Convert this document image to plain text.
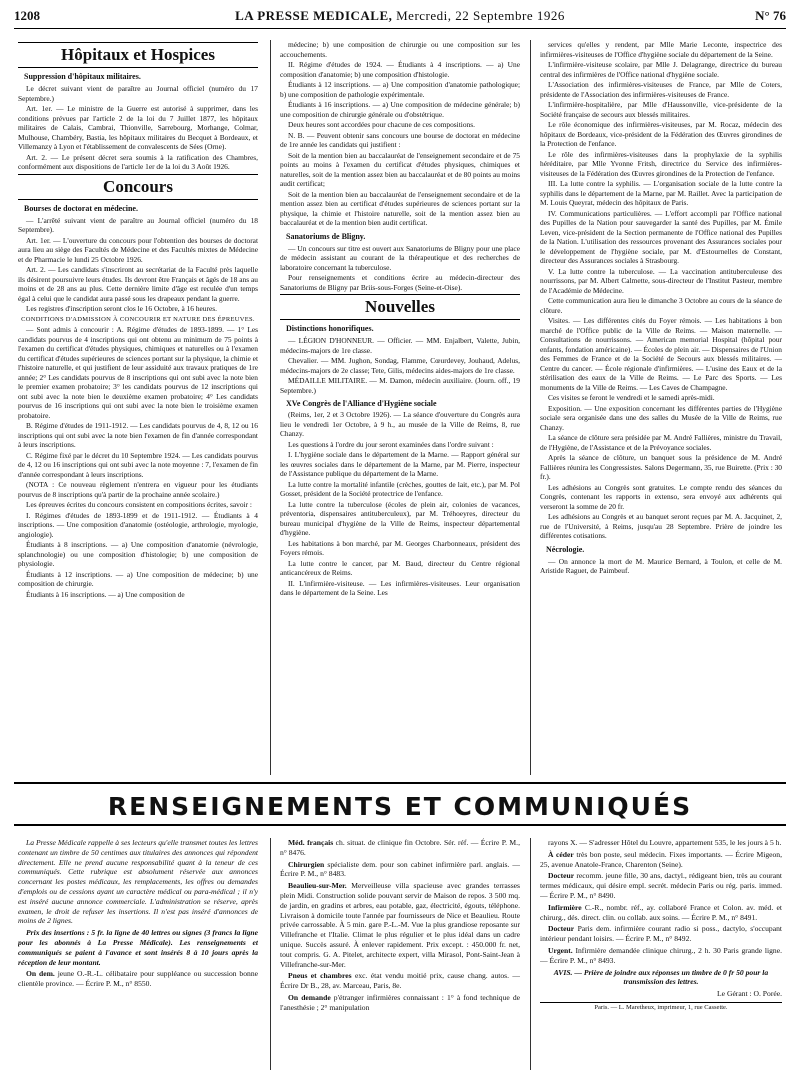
1208	LA PRESSE MEDICALE, Mercredi, 22 Septembre 1926	N° 76
Hôpitaux et Hospices
Suppression d'hôpitaux militaires.

Le décret suivant vient de paraître au Journal officiel (numéro du 17 Septembre.)

Art. 1er. — Le ministre de la Guerre est autorisé à supprimer, dans les conditions prévues par l'article 2 de la loi du 7 Juillet 1877, les hôpitaux militaires de Calais, Cambrai, Thionville, Sarrebourg, Morhange, Colmar, Mulhouse, Chambéry, Bastia, les hôpitaux militaires du Becquet à Bordeaux, et Villemanzy à Lyon et l'établissement de convalescents de Sées (Orne).

Art. 2. — Le présent décret sera soumis à la ratification des Chambres, conformément aux dispositions de l'article 1er de la loi du 3 Août 1926.

Concours
Bourses de doctorat en médecine.

— L'arrêté suivant vient de paraître au Journal officiel (numéro du 18 Septembre).

Art. 1er. — L'ouverture du concours pour l'obtention des bourses de doctorat aura lieu au siège des Facultés de Médecine et des Facultés mixtes de Médecine et de Pharmacie le lundi 25 Octobre 1926.

Art. 2. — Les candidats s'inscriront au secrétariat de la Faculté près laquelle ils désirent poursuivre leurs études. Ils devront être Français et âgés de 18 ans au moins et de 28 ans au plus. Cette dernière limite d'âge est reculée d'un temps égal à celui que le candidat aura passé sous les drapeaux pendant la guerre.

Les registres d'inscription seront clos le 16 Octobre, à 16 heures.

CONDITIONS D'ADMISSION À CONCOURIR ET NATURE DES ÉPREUVES.

— Sont admis à concourir : A. Régime d'études de 1893-1899. — 1° Les candidats pourvus de 4 inscriptions qui ont obtenu au minimum de 75 points à l'examen du certificat d'études physiques, chimiques et naturelles ou à l'examen du certificat d'études supérieures de sciences portant sur la physique, la chimie et l'histoire naturelle, et qui justifient de leur assiduité aux travaux pratiques de 1re année; 2° Les candidats pourvus de 8 inscriptions qui ont subi avec la note bien le premier examen probatoire; 3° les candidats pourvus de 12 inscriptions qui ont subi avec la note bien le deuxième examen probatoire; 4° Les candidats pourvus de 16 inscriptions qui ont subi avec la note bien le troisième examen probatoire.

B. Régime d'études de 1911-1912. — Les candidats pourvus de 4, 8, 12 ou 16 inscriptions qui ont subi avec la note bien l'examen de fin d'année correspondant à leurs inscriptions.

C. Régime fixé par le décret du 10 Septembre 1924. — Les candidats pourvus de 4, 12 ou 16 inscriptions qui ont subi avec la note moyenne : 7, l'examen de fin d'année correspondant à leurs inscriptions.

(NOTA : Ce nouveau règlement n'entrera en vigueur pour les étudiants pourvus de 8 inscriptions qu'à partir de la prochaine année scolaire.)

Les épreuves écrites du concours consistent en compositions écrites, savoir :

I. Régimes d'études de 1893-1899 et de 1911-1912. — Étudiants à 4 inscriptions. — Une composition d'anatomie (ostéologie, arthrologie, myologie, angiologie).

Étudiants à 8 inscriptions. — a) Une composition d'anatomie (névrologie, splanchnologie) ou une composition d'histologie; b) une composition de physiologie.

Étudiants à 12 inscriptions. — a) Une composition de médecine; b) une composition de chirurgie.

Étudiants à 16 inscriptions. — a) Une composition de

médecine; b) une composition de chirurgie ou une composition sur les accouchements.

II. Régime d'études de 1924. — Étudiants à 4 inscriptions. — a) Une composition d'anatomie; b) une composition d'histologie.

Étudiants à 12 inscriptions. — a) Une composition d'anatomie pathologique; b) une composition de pathologie expérimentale.

Étudiants à 16 inscriptions. — a) Une composition de médecine générale; b) une composition de chirurgie générale ou d'obstétrique.

Deux heures sont accordées pour chacune de ces compositions.

N. B. — Peuvent obtenir sans concours une bourse de doctorat en médecine de 1re année les candidats qui justifient :

Soit de la mention bien au baccalauréat de l'enseignement secondaire et de 75 points au moins à l'examen du certificat d'études physiques, chimiques et naturelles, soit de la mention assez bien au baccalauréat et de 80 points au moins audit certificat;

Soit de la mention bien au baccalauréat de l'enseignement secondaire et de la mention assez bien au certificat d'études supérieures de sciences portant sur la physique, la chimie et l'histoire naturelle, soit de la mention assez bien au baccalauréat et de la mention bien audit certificat.

Sanatoriums de Bligny.

— Un concours sur titre est ouvert aux Sanatoriums de Bligny pour une place de médecin assistant au courant de la thérapeutique et des recherches de laboratoire concernant la tuberculose.

Pour renseignements et conditions écrire au médecin-directeur des Sanatoriums de Bligny par Briis-sous-Forges (Seine-et-Oise).

Nouvelles
Distinctions honorifiques.

— LÉGION D'HONNEUR. — Officier. — MM. Enjalbert, Valette, Jubin, médecins-majors de 1re classe.

Chevalier. — MM. Jughon, Sondag, Flamme, Cœurdevey, Jouhaud, Adelus, médecins-majors de 2e classe; Tete, Gilis, médecins aides-majors de 1re classe.

MÉDAILLE MILITAIRE. — M. Damon, médecin auxiliaire. (Journ. off., 19 Septembre.)

XVe Congrès de l'Alliance d'Hygiène sociale

(Reims, 1er, 2 et 3 Octobre 1926). — La séance d'ouverture du Congrès aura lieu le vendredi 1er Octobre, à 9 h., au musée de la Ville de Reims, 8, rue Chanzy.

Les questions à l'ordre du jour seront examinées dans l'ordre suivant :

I. L'hygiène sociale dans le département de la Marne. — Rapport général sur les œuvres sociales dans le département de la Marne, par M. Pierre, inspecteur de l'Assistance publique du département de la Marne.

La lutte contre la mortalité infantile (crèches, gouttes de lait, etc.), par M. Pol Gosset, président de la Société protectrice de l'enfance.

La lutte contre la tuberculose (écoles de plein air, colonies de vacances, préventoria, dispensaires antituberculeux), par M. Tréhoeyres, directeur du bureau municipal d'hygiène de la Ville de Reims, inspecteur départemental d'hygiène.

Les habitations à bon marché, par M. Georges Charbonneaux, président des Foyers rémois.

La lutte contre le cancer, par M. Baud, directeur du Centre régional anticancéreux de Reims.

II. L'infirmière-visiteuse. — Les infirmières-visiteuses. Leur organisation dans le département de la Seine. Les

services qu'elles y rendent, par Mlle Marie Leconte, inspectrice des infirmières-visiteuses de l'Office d'hygiène sociale du département de la Seine.

L'infirmière-visiteuse scolaire, par Mlle J. Delagrange, directrice du bureau central des infirmières de l'Office national d'hygiène sociale.

L'Association des infirmières-visiteuses de France, par Mlle de Coters, présidente de l'Association des infirmières-visiteuses de France.

L'infirmière-hospitalière, par Mlle d'Haussonville, vice-présidente de la Société française de secours aux blessés militaires.

Le rôle économique des infirmières-visiteuses, par M. Rocaz, médecin des hôpitaux de Bordeaux, vice-président de la Fédération des Œuvres girondines de la Protection de l'enfance.

Le rôle des infirmières-visiteuses dans la prophylaxie de la syphilis héréditaire, par Mlle Yvonne Fritsh, directrice du Service des infirmières-visiteuses de la Fédération des Œuvres girondines de la Protection de l'enfance.

III. La lutte contre la syphilis. — L'organisation sociale de la lutte contre la syphilis dans le département de la Marne, par M. Raillet. Avec la participation de M. Louis Queyrat, médecin des hôpitaux de Paris.

IV. Communications particulières. — L'effort accompli par l'Office national des Pupilles de la Nation pour sauvegarder la santé des Pupilles, par M. Émile Leven, vice-président de la Section permanente de l'Office national des Pupilles de la Nation. L'utilisation des ressources provenant des Assurances sociales pour le développement de l'hygiène sociale, par M. d'Estournelles de Constant, directeur des Assurances sociales à Strasbourg.

V. La lutte contre la tuberculose. — La vaccination antituberculeuse des nourrissons, par M. Albert Calmette, sous-directeur de l'Institut Pasteur, membre de l'Académie de Médecine.

Cette communication aura lieu le dimanche 3 Octobre au cours de la séance de clôture.

Visites. — Les différentes cités du Foyer rémois. — Les habitations à bon marché de l'Office public de la Ville de Reims. — Maison maternelle. — Consultations de nourrissons. — American memorial Hospital (hôpital pour enfants, fondation américaine). — Écoles de plein air. — Dispensaires de l'Union des Femmes de France et de la Société de Secours aux blessés militaires. — Centre du cancer. — École régionale d'infirmières. — L'usine des Eaux et de la stérilisation des eaux de la Ville de Reims. — Le Parc des Sports. — Les monuments de la Ville de Reims. — Les Caves de Champagne.

Ces visites se feront le vendredi et le samedi après-midi.

Exposition. — Une exposition concernant les différentes parties de l'Hygiène sociale sera organisée dans une des salles du Musée de la Ville de Reims, rue Chanzy.

La séance de clôture sera présidée par M. André Fallières, ministre du Travail, de l'Hygiène, de l'Assistance et de la Prévoyance sociales.

Après la séance de clôture, un banquet sous la présidence de M. André Fallières réunira les Congressistes. Salons Degermann, 35, rue Buirette. (Prix : 30 fr.).

Les adhésions au Congrès sont gratuites. Le compte rendu des séances du Congrès, contenant les rapports in extenso, sera envoyé aux adhérents qui verseront la somme de 20 fr.

Les adhésions au Congrès et au banquet seront reçues par M. A. Jacquinet, 2, rue de l'Université, à Reims, jusqu'au 28 Septembre. Prière de joindre les différentes cotisations.

Nécrologie.

— On annonce la mort de M. Maurice Bernard, à Toulon, et celle de M. Aristide Raguet, de Paimbeuf.

RENSEIGNEMENTS ET COMMUNIQUÉS

La Presse Médicale rappelle à ses lecteurs qu'elle transmet toutes les lettres contenant un timbre de 50 centimes aux titulaires des annonces qui répondent directement. Elle ne prend aucune responsabilité quant à la teneur de ces communiqués. Cette rubrique est absolument réservée aux annonces concernant les postes médicaux, les remplacements, les offres ou demandes d'emplois ou de cessions ayant un caractère médical ou para-médical ; il n'y est inséré aucune annonce commerciale. L'administration se réserve, après examen, le droit de refuser les insertions. Il n'est pas inséré d'annonces de moins de 2 lignes.

Prix des insertions : 5 fr. la ligne de 40 lettres ou signes (3 francs la ligne pour les abonnés à La Presse Médicale). Les renseignements et communiqués se paient à l'avance et sont insérés 8 à 10 jours après la réception de leur montant.

On dem. jeune O.-R.-L. célibataire pour suppléance ou succession bonne clientèle province. — Écrire P. M., n° 8550.

Méd. français ch. situat. de clinique fin Octobre. Sér. réf. — Écrire P. M., n° 8476.

Chirurgien spécialiste dem. pour son cabinet infirmière parl. anglais. — Écrire P. M., n° 8483.

Beaulieu-sur-Mer. Merveilleuse villa spacieuse avec grandes terrasses plein Midi. Construction solide pouvant servir de Maison de repos. 3 500 mq. de jardin, en gradins et arbres, eau potable, gaz, électricité, égouts, téléphone. Livraison à domicile toute l'année par fournisseurs de Nice et Beaulieu. Route privée carrossable. À 5 min. gare P.-L.-M. Vue la plus grandiose reposante sur Villefranche et l'Italie. Climat le plus régulier et le plus idéal dans un cadre unique. Succès assuré. À enlever rapidement. Prix except. : 450.000 fr. net, tout compris. G. A. Pitelet, architecte expert, villa Mirasol, Pont-Saint-Jean à Villefranche-sur-Mer.

Pneus et chambres exc. état vendu moitié prix, cause chang. autos. — Écrire Dr B., 28, av. Marceau, Paris, 8e.

On demande p'étranger infirmières connaissant : 1° à fond technique de l'anesthésie ; 2° manipulation

rayons X. — S'adresser Hôtel du Louvre, appartement 535, le les jours à 5 h.

À céder très bon poste, seul médecin. Fixes importants. — Écrire Migeon, 25, avenue Anatole-France, Charenton (Seine).

Docteur recomm. jeune fille, 30 ans, dactyl., rédigeant bien, très au courant termes médicaux, qui désire empl. secrét. médecin Paris ou rég. paris. immed. — Écrire P. M., n° 8490.

Infirmière C.-R., nombr. réf., ay. collaboré France et Colon. av. méd. et chirurg., dés. direct. clin. ou collab. aux soins. — Écrire P. M., n° 8491.

Docteur Paris dem. infirmière courant radio si poss., dactylo, s'occupant intérieur pendant loisirs. — Écrire P. M., n° 8492.

Urgent. Infirmière demandée clinique chirurg., 2 h. 30 Paris grande ligne. — Écrire P. M., n° 8493.

AVIS. — Prière de joindre aux réponses un timbre de 0 fr 50 pour la transmission des lettres.

Le Gérant : O. Porée.

Paris. — L. Maretheux, imprimeur, 1, rue Cassette.
